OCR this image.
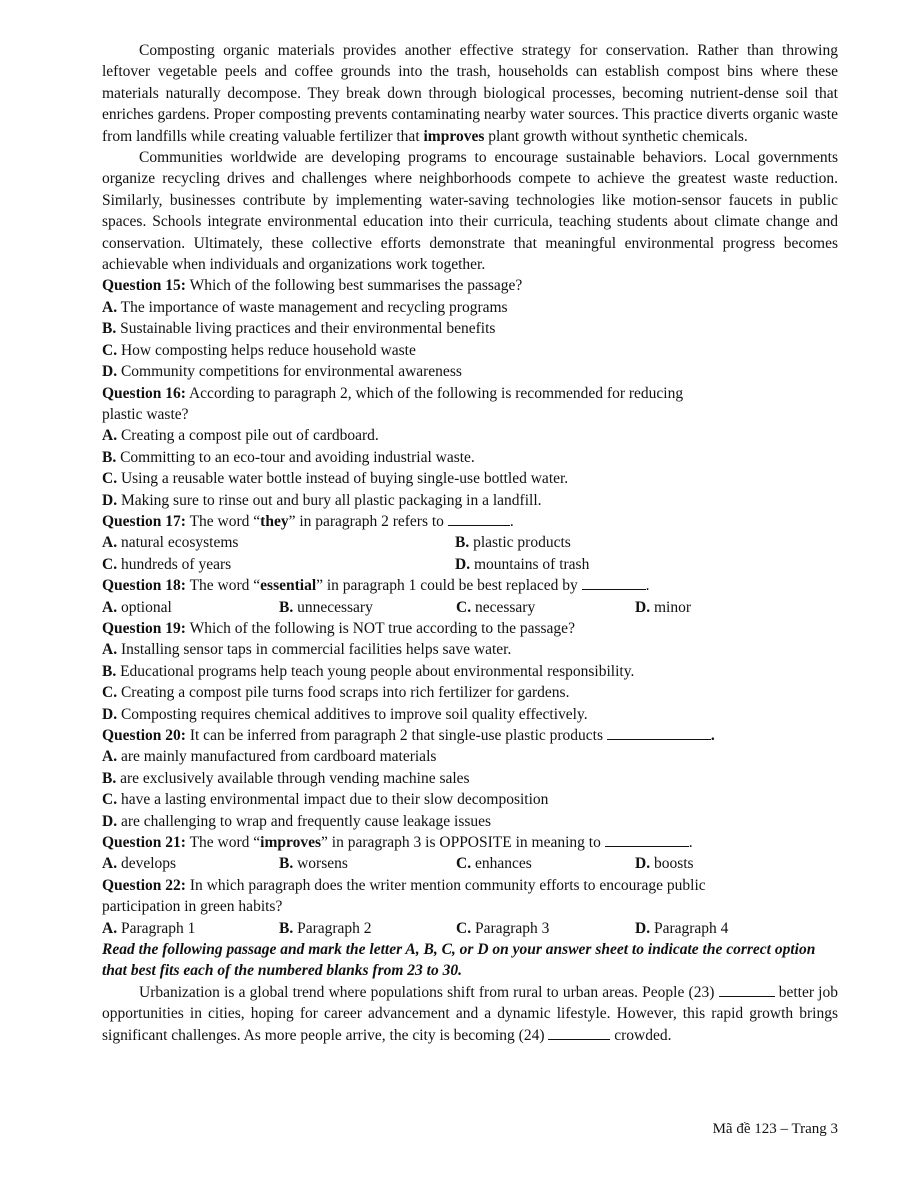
Composting organic materials provides another effective strategy for conservation. Rather than throwing leftover vegetable peels and coffee grounds into the trash, households can establish compost bins where these materials naturally decompose. They break down through biological processes, becoming nutrient-dense soil that enriches gardens. Proper composting prevents contaminating nearby water sources. This practice diverts organic waste from landfills while creating valuable fertilizer that improves plant growth without synthetic chemicals.

Communities worldwide are developing programs to encourage sustainable behaviors. Local governments organize recycling drives and challenges where neighborhoods compete to achieve the greatest waste reduction. Similarly, businesses contribute by implementing water-saving technologies like motion-sensor faucets in public spaces. Schools integrate environmental education into their curricula, teaching students about climate change and conservation. Ultimately, these collective efforts demonstrate that meaningful environmental progress becomes achievable when individuals and organizations work together.

Question 15: Which of the following best summarises the passage?

A. The importance of waste management and recycling programs

B. Sustainable living practices and their environmental benefits

C. How composting helps reduce household waste

D. Community competitions for environmental awareness

Question 16: According to paragraph 2, which of the following is recommended for reducing

plastic waste?

A. Creating a compost pile out of cardboard.

B. Committing to an eco-tour and avoiding industrial waste.

C. Using a reusable water bottle instead of buying single-use bottled water.

D. Making sure to rinse out and bury all plastic packaging in a landfill.

Question 17: The word “they” in paragraph 2 refers to	.

A. natural ecosystems	B. plastic products

C. hundreds of years	D. mountains of trash

Question 18: The word “essential” in paragraph 1 could be best replaced by	.

A. optional	B. unnecessary	C. necessary	D. minor

Question 19: Which of the following is NOT true according to the passage?

A. Installing sensor taps in commercial facilities helps save water.

B. Educational programs help teach young people about environmental responsibility.

C. Creating a compost pile turns food scraps into rich fertilizer for gardens.

D. Composting requires chemical additives to improve soil quality effectively.

Question 20: It can be inferred from paragraph 2 that single-use plastic products	.

A. are mainly manufactured from cardboard materials

B. are exclusively available through vending machine sales

C. have a lasting environmental impact due to their slow decomposition

D. are challenging to wrap and frequently cause leakage issues

Question 21: The word “improves” in paragraph 3 is OPPOSITE in meaning to	.

A. develops	B. worsens	C. enhances	D. boosts

Question 22: In which paragraph does the writer mention community efforts to encourage public

participation in green habits?

A. Paragraph 1	B. Paragraph 2	C. Paragraph 3	D. Paragraph 4

Read the following passage and mark the letter A, B, C, or D on your answer sheet to indicate the correct option that best fits each of the numbered blanks from 23 to 30.

Urbanization is a global trend where populations shift from rural to urban areas. People (23)	better job opportunities in cities, hoping for career advancement and a dynamic lifestyle. However, this rapid growth brings significant challenges. As more people arrive, the city is becoming (24)	crowded.

Mã đề 123 – Trang 3
